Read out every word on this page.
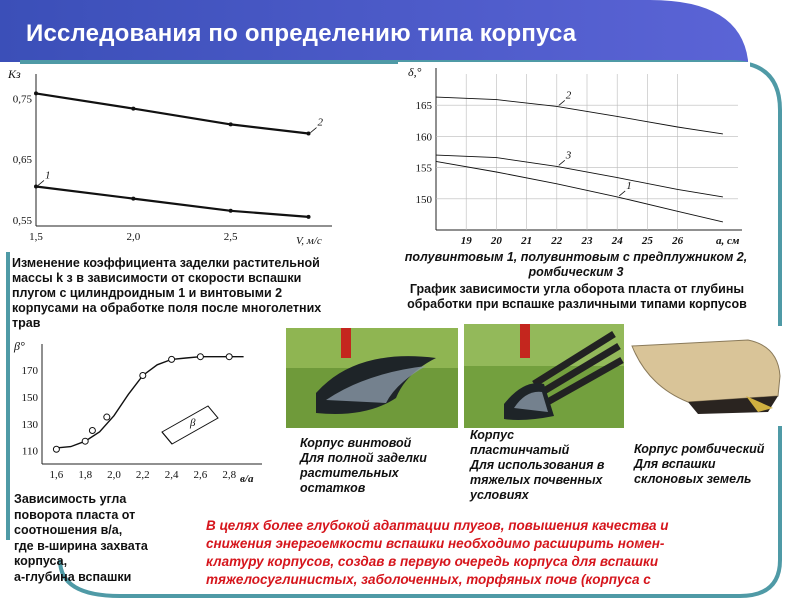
Исследования по определению типа корпуса
1,5	2,0	2,5
0,75
0,65
0,55
Kз
V, м/с
1
2
Изменение коэффициента заделки растительной массы k з в зависимости от скорости вспашки плугом с цилиндроидным 1 и винтовыми 2 корпусами на обработке поля после многолетних трав
19 20 21 22 23 24 25 26
165
160
155
150
δ,°
а, см
2
3
1
полувинтовым 1, полувинтовым с предплужником 2, ромбическим 3
График зависимости угла оборота пласта от глубины обработки при вспашке различными типами корпусов
1,6 1,8 2,0 2,2 2,4 2,6 2,8
170
150
130
110
β°
в/а
β
Зависимость угла
поворота пласта от
соотношения в/а,
где в-ширина захвата
корпуса,
а-глубина вспашки
Корпус винтовой
Для полной заделки
растительных
остатков
Корпус
пластинчатый
Для использования в
тяжелых почвенных
условиях
Корпус ромбический
Для вспашки
склоновых земель
В целях более глубокой адаптации плугов, повышения качества и
снижения энергоемкости вспашки необходимо расширить номен-
клатуру корпусов, создав в первую очередь корпуса для вспашки
тяжелосуглинистых, заболоченных, торфяных почв (корпуса с
